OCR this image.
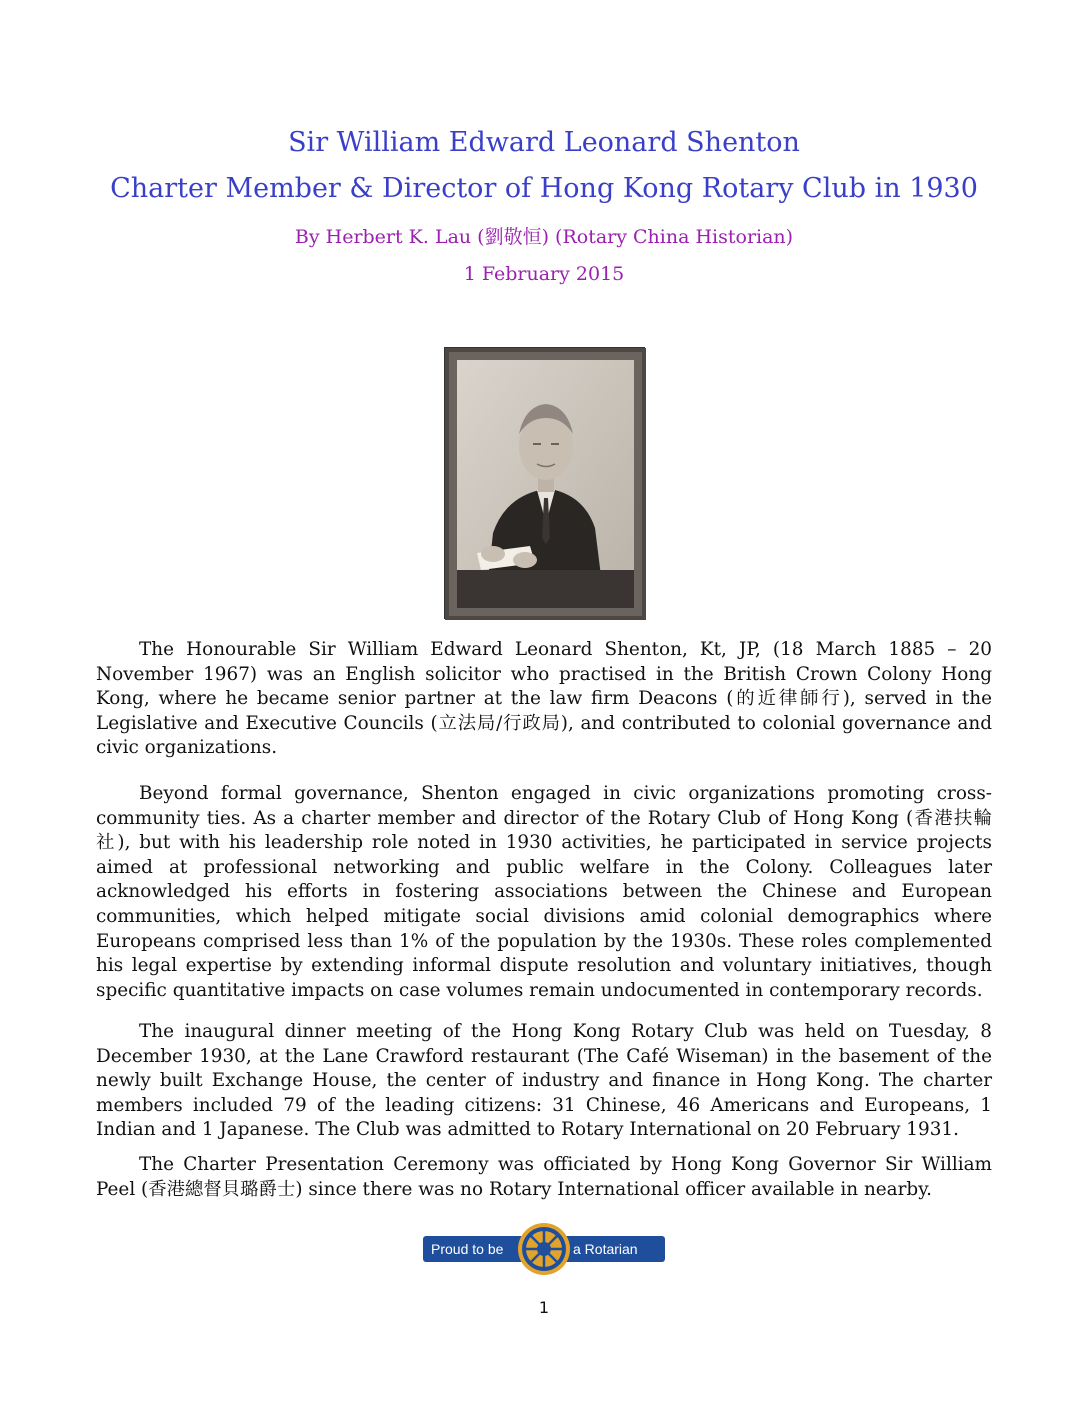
Sir William Edward Leonard Shenton
Charter Member & Director of Hong Kong Rotary Club in 1930
By Herbert K. Lau (劉敬恒) (Rotary China Historian)
1 February 2015

The Honourable Sir William Edward Leonard Shenton, Kt, JP, (18 March 1885 – 20 November 1967) was an English solicitor who practised in the British Crown Colony Hong Kong, where he became senior partner at the law firm Deacons (的近律師行), served in the Legislative and Executive Councils (立法局/行政局), and contributed to colonial governance and civic organizations.

Beyond formal governance, Shenton engaged in civic organizations promoting cross-community ties. As a charter member and director of the Rotary Club of Hong Kong (香港扶輪社), but with his leadership role noted in 1930 activities, he participated in service projects aimed at professional networking and public welfare in the Colony. Colleagues later acknowledged his efforts in fostering associations between the Chinese and European communities, which helped mitigate social divisions amid colonial demographics where Europeans comprised less than 1% of the population by the 1930s. These roles complemented his legal expertise by extending informal dispute resolution and voluntary initiatives, though specific quantitative impacts on case volumes remain undocumented in contemporary records.

The inaugural dinner meeting of the Hong Kong Rotary Club was held on Tuesday, 8 December 1930, at the Lane Crawford restaurant (The Café Wiseman) in the basement of the newly built Exchange House, the center of industry and finance in Hong Kong. The charter members included 79 of the leading citizens: 31 Chinese, 46 Americans and Europeans, 1 Indian and 1 Japanese. The Club was admitted to Rotary International on 20 February 1931.

The Charter Presentation Ceremony was officiated by Hong Kong Governor Sir William Peel (香港總督貝璐爵士) since there was no Rotary International officer available in nearby.

Proud to be	a Rotarian
1
